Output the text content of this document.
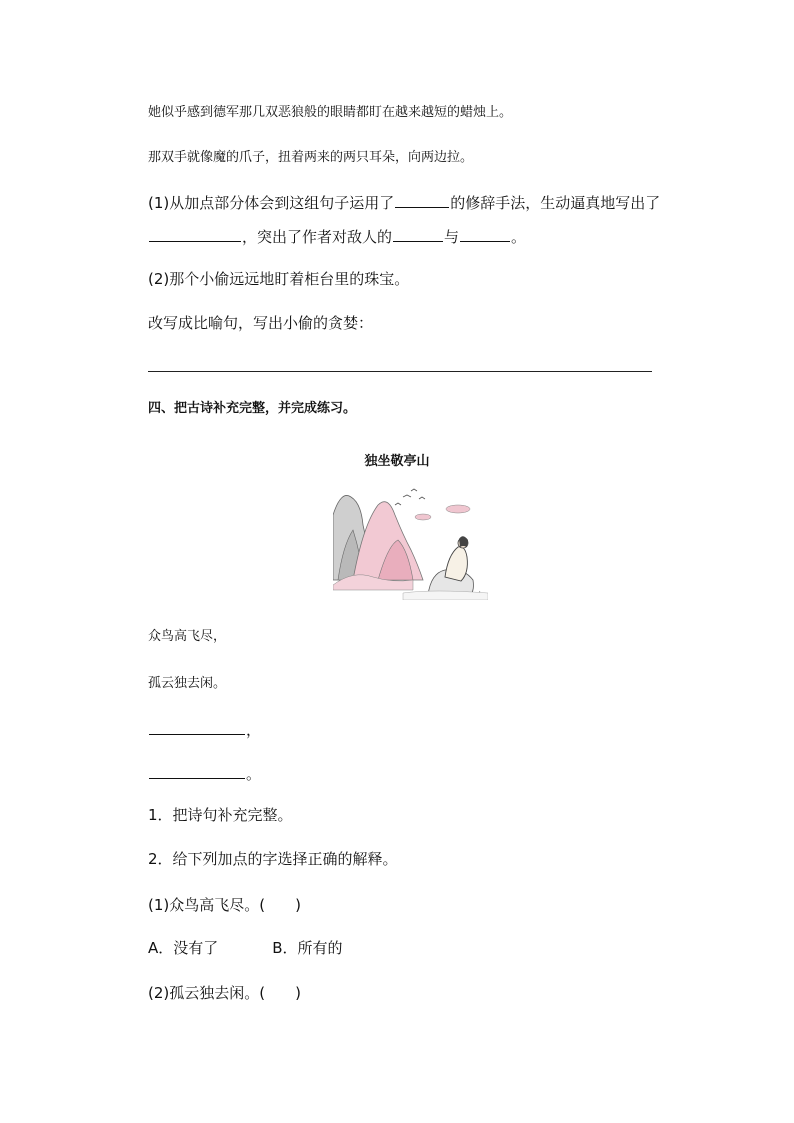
她似乎感到德军那几双恶狼般的眼睛都盯在越来越短的蜡烛上。
那双手就像魔的爪子，扭着两来的两只耳朵，向两边拉。
(1)从加点部分体会到这组句子运用了	的修辞手法，生动逼真地写出了
，突出了作者对敌人的	与	。
(2)那个小偷远远地盯着柜台里的珠宝。
改写成比喻句，写出小偷的贪婪：
四、把古诗补充完整，并完成练习。
独坐敬亭山
众鸟高飞尽，
孤云独去闲。
，
。
1．把诗句补充完整。
2．给下列加点的字选择正确的解释。
(1)众鸟高飞尽。(　　)
A．没有了	B．所有的
(2)孤云独去闲。(　　)
